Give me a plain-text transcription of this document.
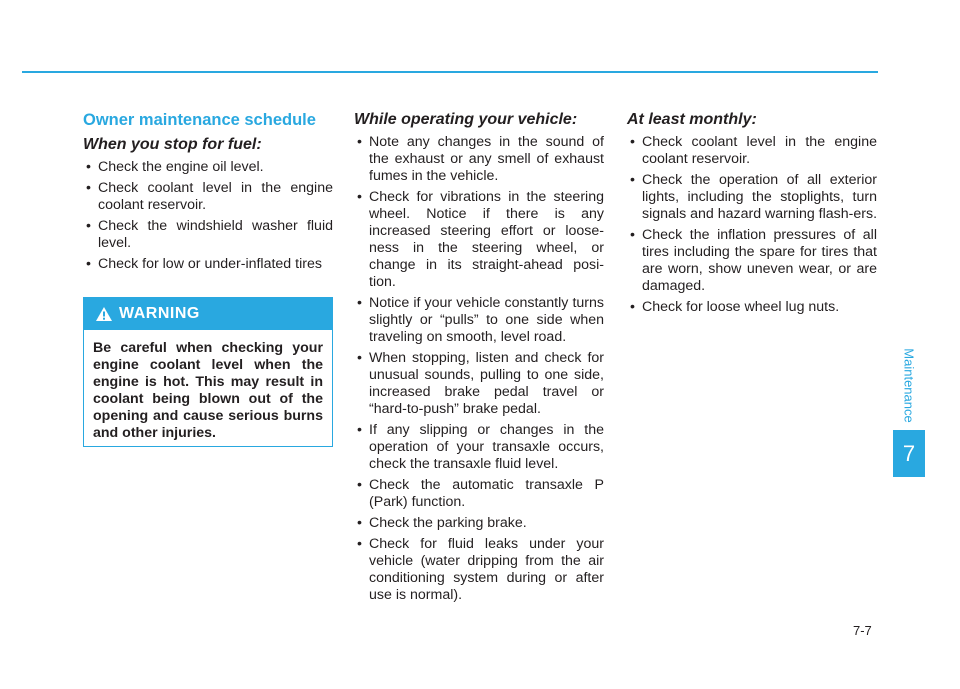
Owner maintenance schedule
When you stop for fuel:
• Check the engine oil level.
• Check coolant level in the engine coolant reservoir.
• Check the windshield washer fluid level.
• Check for low or under-inflated tires
WARNING
Be careful when checking your engine coolant level when the engine is hot. This may result in coolant being blown out of the opening and cause serious burns and other injuries.
While operating your vehicle:
• Note any changes in the sound of the exhaust or any smell of exhaust fumes in the vehicle.
• Check for vibrations in the steering wheel. Notice if there is any increased steering effort or loose-ness in the steering wheel, or change in its straight-ahead posi-tion.
• Notice if your vehicle constantly turns slightly or “pulls” to one side when traveling on smooth, level road.
• When stopping, listen and check for unusual sounds, pulling to one side, increased brake pedal travel or “hard-to-push” brake pedal.
• If any slipping or changes in the operation of your transaxle occurs, check the transaxle fluid level.
• Check the automatic transaxle P (Park) function.
• Check the parking brake.
• Check for fluid leaks under your vehicle (water dripping from the air conditioning system during or after use is normal).
At least monthly:
• Check coolant level in the engine coolant reservoir.
• Check the operation of all exterior lights, including the stoplights, turn signals and hazard warning flash-ers.
• Check the inflation pressures of all tires including the spare for tires that are worn, show uneven wear, or are damaged.
• Check for loose wheel lug nuts.
Maintenance
7
7-7
